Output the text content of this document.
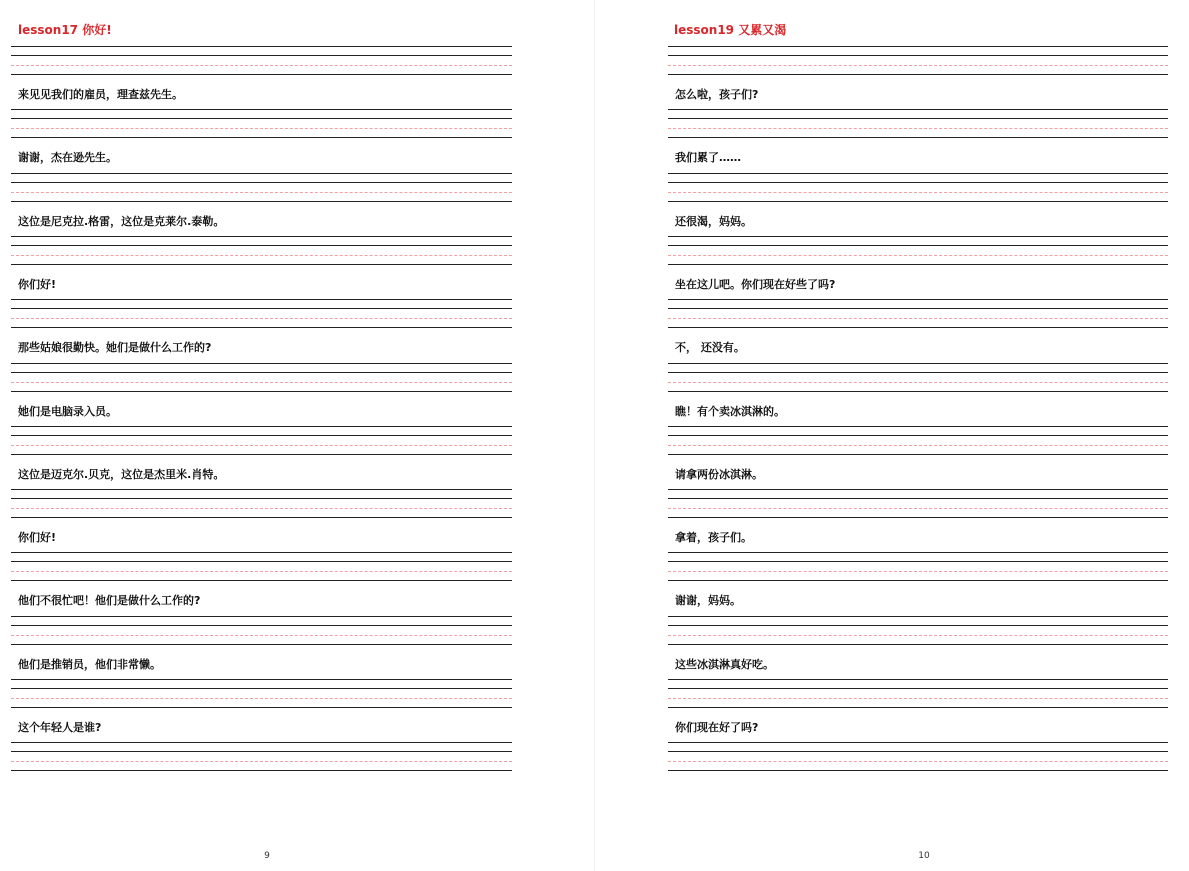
lesson17 你好!
9
来见见我们的雇员，理查兹先生。
谢谢，杰在逊先生。
这位是尼克拉.格雷，这位是克莱尔.泰勒。
你们好!
那些姑娘很勤快。她们是做什么工作的?
她们是电脑录入员。
这位是迈克尔.贝克，这位是杰里米.肖特。
你们好!
他们不很忙吧！他们是做什么工作的?
他们是推销员，他们非常懒。
这个年轻人是谁?
lesson19 又累又渴
10
怎么啦，孩子们?
我们累了……
还很渴，妈妈。
坐在这儿吧。你们现在好些了吗?
不， 还没有。
瞧！有个卖冰淇淋的。
请拿两份冰淇淋。
拿着，孩子们。
谢谢，妈妈。
这些冰淇淋真好吃。
你们现在好了吗?
